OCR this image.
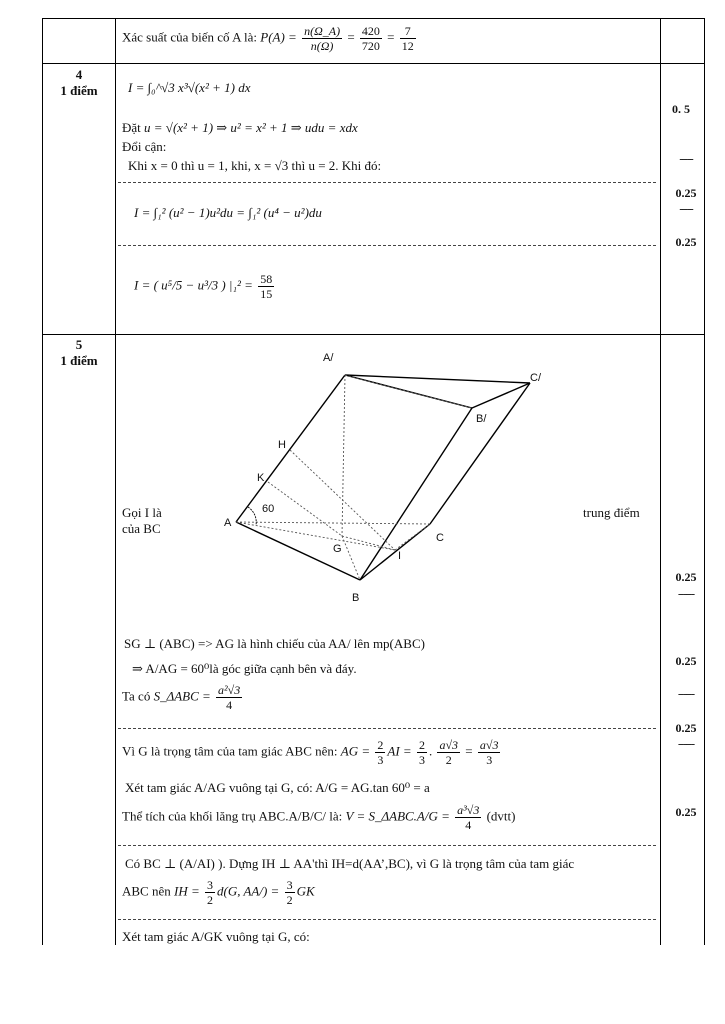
Xác suất của biến cố A là: $P(A) = \frac{n(\Omega\_A)}{n(\Omega)} = \frac{420}{720} = \frac{7}{12}$
4
1 điểm	I = ∫₀^√3 x³√(x² + 1) dx
Đặt u = √(x² + 1) ⇒ u² = x² + 1 ⇒ udu = xdx
Đổi cận:
Khi x = 0 thì u = 1, khi, x = √3 thì u = 2. Khi đó:
I = ∫₁² (u² − 1)u²du = ∫₁² (u⁴ − u²)du
I = ( u⁵/5 − u³/3 ) $|_1^2 = \frac{58}{15}$
0. 5
-----
0.25
-----
0.25
5
1 điểm	A/
C/
B/
H
K
A
60
G
I
C
B
Gọi I là
của BC
trung điểm
SG ⊥ (ABC) => AG là hình chiếu của AA/ lên mp(ABC)
⇒ A/AG = 60⁰là góc giữa cạnh bên và đáy.
Ta có S_ΔABC = $\frac{\text{a²√3}}{4}$
Vì G là trọng tâm của tam giác ABC nên: AG = $\frac{2}{3}$ AI = $\frac{2}{3}$ . $\frac{a√3}{2} = \frac{a√3}{3}$
Xét tam giác A/AG vuông tại G, có: A/G = AG.tan 60⁰ = a
Thể tích của khối lăng trụ ABC.A/B/C/ là: V = S_ΔABC.A/G = $\frac{\text{a³√3}}{4}$ (dvtt)
Có BC ⊥ (A/AI) ). Dựng IH ⊥ AA'thì IH=d(AA’,BC), vì G là trọng tâm của tam giác
ABC nên IH = $\frac{3}{2} d(G$, $AA/) = \frac{3}{2}$ GK
Xét tam giác A/GK vuông tại G, có:
0.25
------
0.25
------
0.25
------
0.25
